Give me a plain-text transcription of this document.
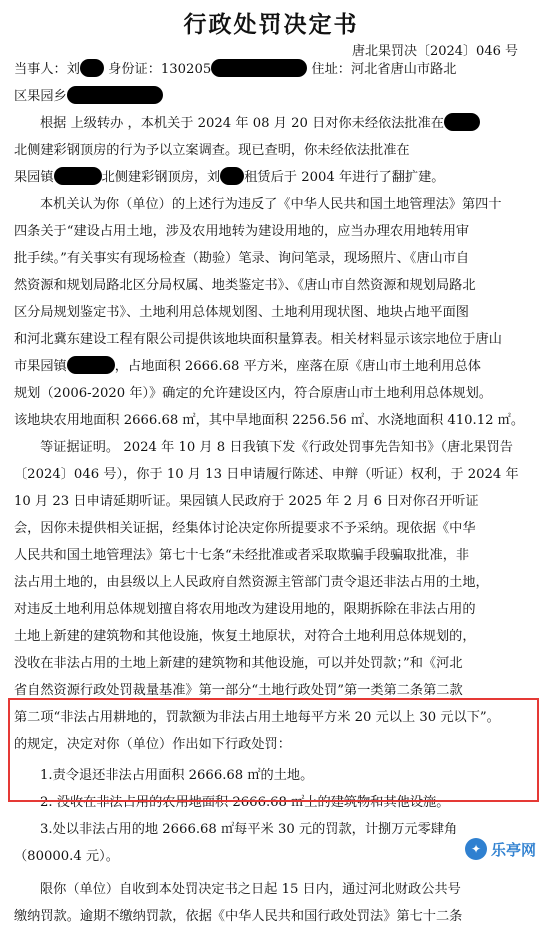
行政处罚决定书
唐北果罚决〔2024〕046 号
当事人：刘 身份证：130205	住址：河北省唐山市路北
区果园乡
根据 上级转办 ，本机关于 2024 年 08 月 20 日对你未经依法批准在
北侧建彩钢顶房的行为予以立案调查。现已查明，你未经依法批准在
果园镇	北侧建彩钢顶房，刘 租赁后于 2004 年进行了翻扩建。
本机关认为你（单位）的上述行为违反了《中华人民共和国土地管理法》第四十
四条关于“建设占用土地，涉及农用地转为建设用地的，应当办理农用地转用审
批手续。”有关事实有现场检查（勘验）笔录、询问笔录，现场照片、《唐山市自
然资源和规划局路北区分局权属、地类鉴定书》、《唐山市自然资源和规划局路北
区分局规划鉴定书》、土地利用总体规划图、土地利用现状图、地块占地平面图
和河北冀东建设工程有限公司提供该地块面积量算表。相关材料显示该宗地位于唐山
市果园镇	，占地面积 2666.68 平方米，座落在原《唐山市土地利用总体
规划（2006-2020 年）》确定的允许建设区内，符合原唐山市土地利用总体规划。
该地块农用地面积 2666.68 ㎡，其中旱地面积 2256.56 ㎡、水浇地面积 410.12 ㎡。
等证据证明。 2024 年 10 月 8 日我镇下发《行政处罚事先告知书》（唐北果罚告
〔2024〕046 号），你于 10 月 13 日申请履行陈述、申辩（听证）权利，于 2024 年
10 月 23 日申请延期听证。果园镇人民政府于 2025 年 2 月 6 日对你召开听证
会，因你未提供相关证据，经集体讨论决定你所提要求不予采纳。现依据《中华
人民共和国土地管理法》第七十七条“未经批准或者采取欺骗手段骗取批准，非
法占用土地的，由县级以上人民政府自然资源主管部门责令退还非法占用的土地，
对违反土地利用总体规划擅自将农用地改为建设用地的，限期拆除在非法占用的
土地上新建的建筑物和其他设施，恢复土地原状，对符合土地利用总体规划的，
没收在非法占用的土地上新建的建筑物和其他设施，可以并处罚款；”和《河北
省自然资源行政处罚裁量基准》第一部分“土地行政处罚”第一类第二条第二款
第二项“非法占用耕地的，罚款额为非法占用土地每平方米 20 元以上 30 元以下”。
的规定，决定对你（单位）作出如下行政处罚：
1.责令退还非法占用面积 2666.68 ㎡的土地。
2. 没收在非法占用的农用地面积 2666.68 ㎡上的建筑物和其他设施。
3.处以非法占用的地 2666.68 ㎡每平米 30 元的罚款，计捌万元零肆角
（80000.4 元）。
限你（单位）自收到本处罚决定书之日起 15 日内，通过河北财政公共号
缴纳罚款。逾期不缴纳罚款，依据《中华人民共和国行政处罚法》第七十二条
✦ 乐亭网
